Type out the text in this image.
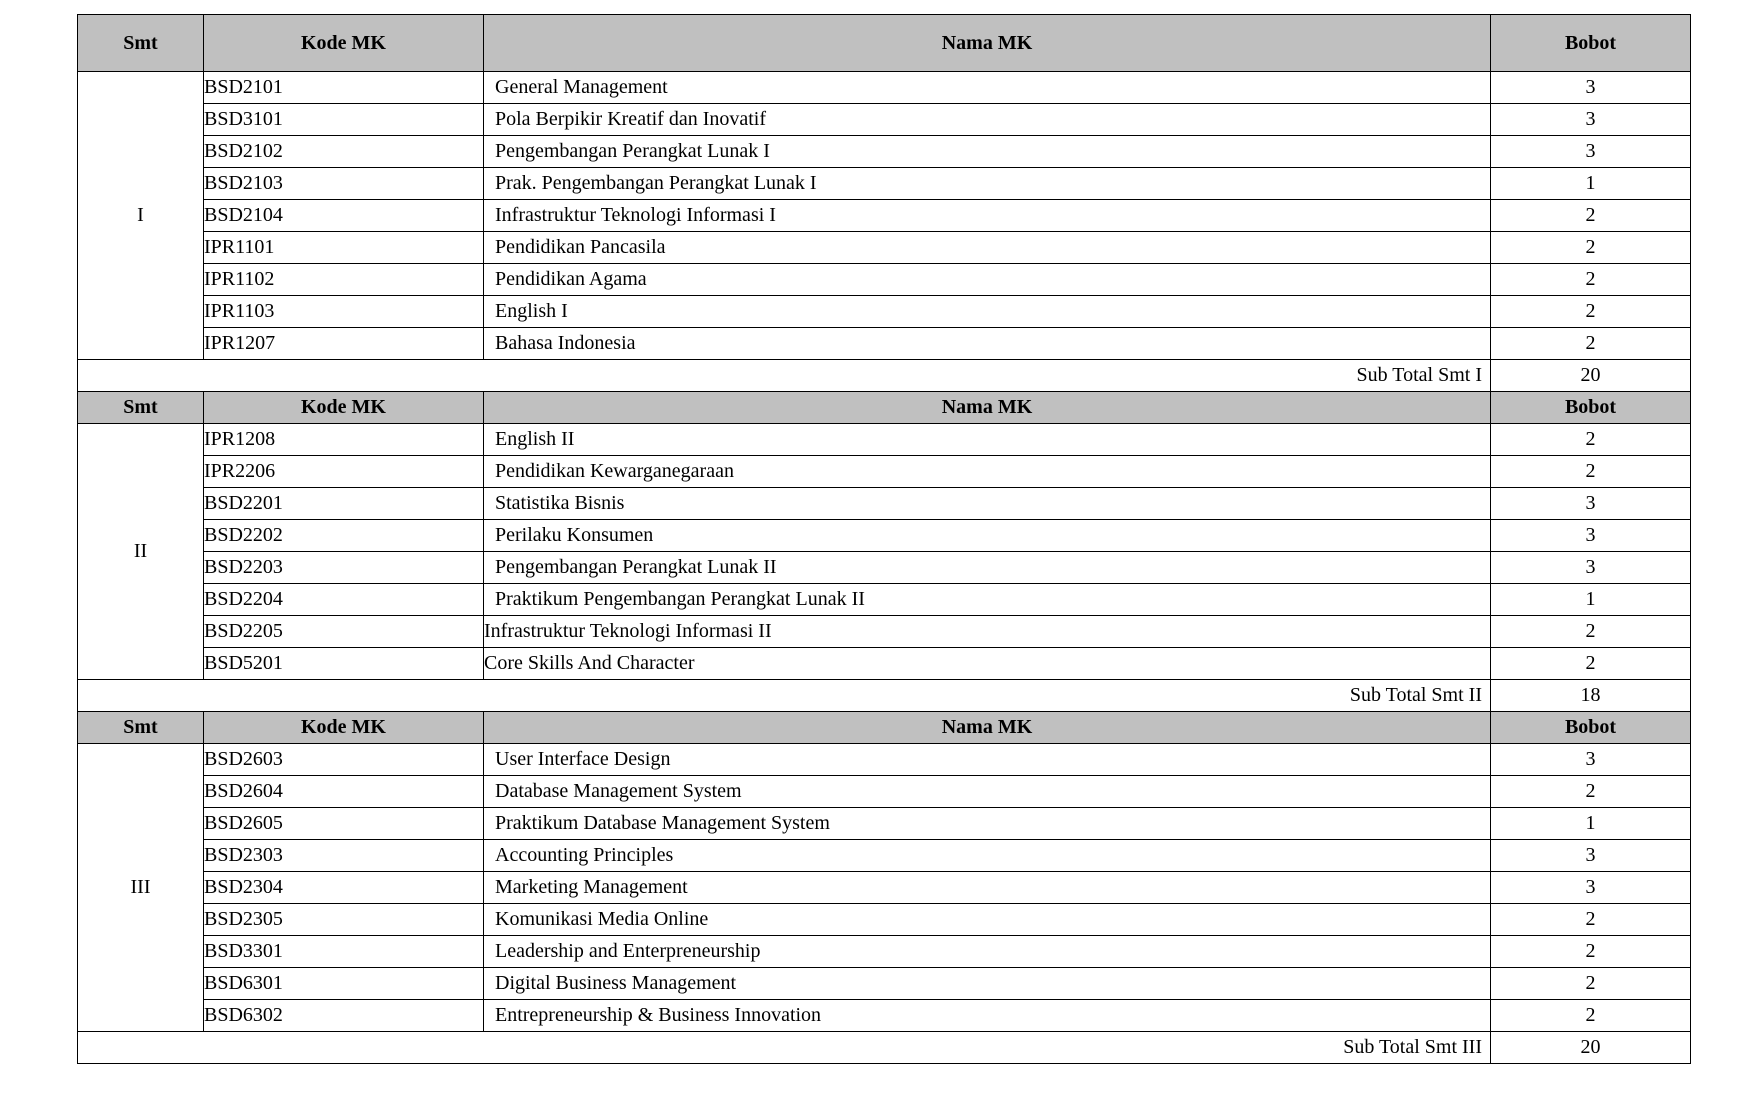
Smt	Kode MK	Nama MK	Bobot
I	BSD2101	General Management	3
	BSD3101	Pola Berpikir Kreatif dan Inovatif	3
	BSD2102	Pengembangan Perangkat Lunak I	3
	BSD2103	Prak. Pengembangan Perangkat Lunak I	1
	BSD2104	Infrastruktur Teknologi Informasi I	2
	IPR1101	Pendidikan Pancasila	2
	IPR1102	Pendidikan Agama	2
	IPR1103	English I	2
	IPR1207	Bahasa Indonesia	2
Sub Total Smt I			20
Smt	Kode MK	Nama MK	Bobot
II	IPR1208	English II	2
	IPR2206	Pendidikan Kewarganegaraan	2
	BSD2201	Statistika Bisnis	3
	BSD2202	Perilaku Konsumen	3
	BSD2203	Pengembangan Perangkat Lunak II	3
	BSD2204	Praktikum Pengembangan Perangkat Lunak II	1
	BSD2205	Infrastruktur Teknologi Informasi II	2
	BSD5201	Core Skills And Character	2
Sub Total Smt II			18
Smt	Kode MK	Nama MK	Bobot
III	BSD2603	User Interface Design	3
	BSD2604	Database Management System	2
	BSD2605	Praktikum Database Management System	1
	BSD2303	Accounting Principles	3
	BSD2304	Marketing Management	3
	BSD2305	Komunikasi Media Online	2
	BSD3301	Leadership and Enterpreneurship	2
	BSD6301	Digital Business Management	2
	BSD6302	Entrepreneurship & Business Innovation	2
Sub Total Smt III			20
